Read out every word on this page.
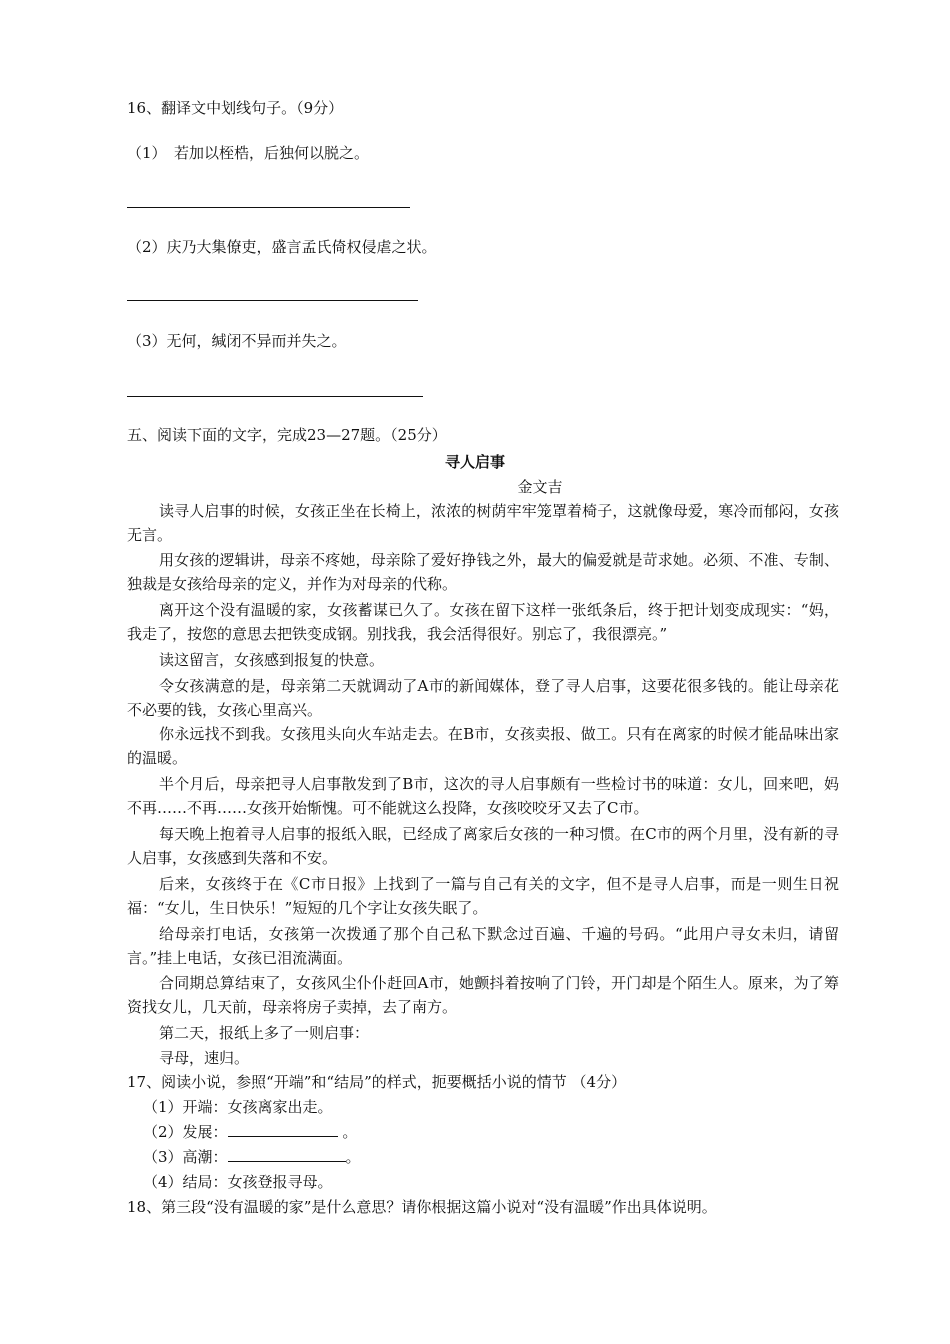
16、翻译文中划线句子。（9分）
（1）　若加以桎梏，后独何以脱之。
（2）庆乃大集僚吏，盛言孟氏倚权侵虐之状。
（3）无何，缄闭不异而并失之。
五、阅读下面的文字，完成23—27题。（25分）
寻人启事
金文吉
读寻人启事的时候，女孩正坐在长椅上，浓浓的树荫牢牢笼罩着椅子，这就像母爱，寒冷而郁闷，女孩无言。
用女孩的逻辑讲，母亲不疼她，母亲除了爱好挣钱之外，最大的偏爱就是苛求她。必须、不准、专制、独裁是女孩给母亲的定义，并作为对母亲的代称。
离开这个没有温暖的家，女孩蓄谋已久了。女孩在留下这样一张纸条后，终于把计划变成现实：“妈，我走了，按您的意思去把铁变成钢。别找我，我会活得很好。别忘了，我很漂亮。”
读这留言，女孩感到报复的快意。
令女孩满意的是，母亲第二天就调动了A市的新闻媒体，登了寻人启事，这要花很多钱的。能让母亲花不必要的钱，女孩心里高兴。
你永远找不到我。女孩甩头向火车站走去。在B市，女孩卖报、做工。只有在离家的时候才能品味出家的温暖。
半个月后，母亲把寻人启事散发到了B市，这次的寻人启事颇有一些检讨书的味道：女儿，回来吧，妈不再……不再……女孩开始惭愧。可不能就这么投降，女孩咬咬牙又去了C市。
每天晚上抱着寻人启事的报纸入眠，已经成了离家后女孩的一种习惯。在C市的两个月里，没有新的寻人启事，女孩感到失落和不安。
后来，女孩终于在《C市日报》上找到了一篇与自己有关的文字，但不是寻人启事，而是一则生日祝福：“女儿，生日快乐！”短短的几个字让女孩失眠了。
给母亲打电话，女孩第一次拨通了那个自己私下默念过百遍、千遍的号码。“此用户寻女未归，请留言。”挂上电话，女孩已泪流满面。
合同期总算结束了，女孩风尘仆仆赶回A市，她颤抖着按响了门铃，开门却是个陌生人。原来，为了筹资找女儿，几天前，母亲将房子卖掉，去了南方。
第二天，报纸上多了一则启事：
寻母，速归。
17、阅读小说，参照“开端”和“结局”的样式，扼要概括小说的情节 （4分）
（1）开端：女孩离家出走。
（2）发展：	。
（3）高潮：	。
（4）结局：女孩登报寻母。
18、第三段“没有温暖的家”是什么意思？请你根据这篇小说对“没有温暖”作出具体说明。
